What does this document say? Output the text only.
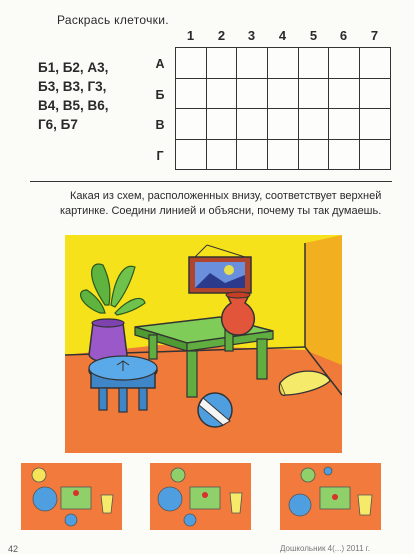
Раскрась клеточки.
Б1, Б2, А3,
Б3, В3, Г3,
В4, В5, В6,
Г6, Б7
1	2	3	4	5	6	7
А
Б
В
Г
Какая из схем, расположенных внизу, соответствует верхней картинке. Соедини линией и объясни, почему ты так думаешь.
42	Дошкольник 4(...) 2011 г.
